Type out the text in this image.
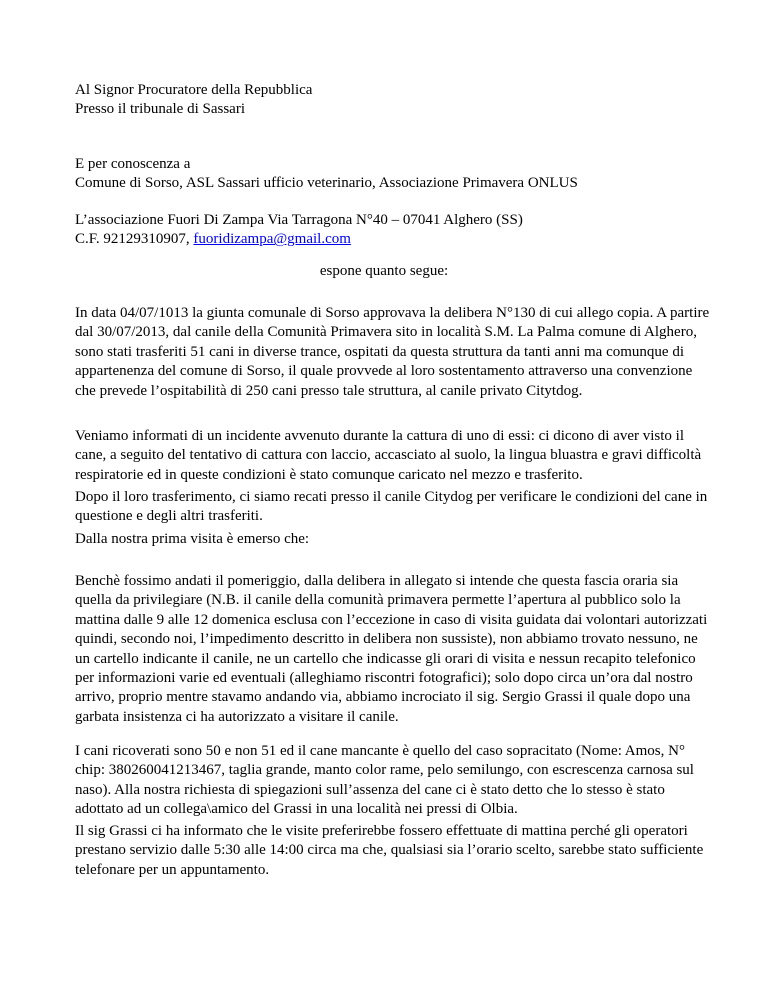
Al Signor Procuratore della Repubblica

Presso il tribunale di Sassari

E per conoscenza a

Comune di Sorso, ASL Sassari ufficio veterinario, Associazione Primavera ONLUS

L’associazione Fuori Di Zampa Via Tarragona N°40 – 07041 Alghero (SS)

C.F. 92129310907, fuoridizampa@gmail.com

espone quanto segue:

In data 04/07/1013 la giunta comunale di Sorso approvava la delibera N°130 di cui allego copia. A partire dal 30/07/2013, dal canile della Comunità Primavera sito in località S.M. La Palma comune di Alghero, sono stati trasferiti 51 cani in diverse trance, ospitati da questa struttura da tanti anni ma comunque di appartenenza del comune di Sorso, il quale provvede al loro sostentamento attraverso una convenzione che prevede l’ospitabilità di 250 cani presso tale struttura, al canile privato Citytdog.

Veniamo informati di un incidente avvenuto durante la cattura di uno di essi: ci dicono di aver visto il cane, a seguito del tentativo di cattura con laccio, accasciato al suolo, la lingua bluastra e gravi difficoltà respiratorie ed in queste condizioni è stato comunque caricato nel mezzo e trasferito.

Dopo il loro trasferimento, ci siamo recati presso il canile Citydog per verificare le condizioni del cane in questione e degli altri trasferiti.

Dalla nostra prima visita è emerso che:

Benchè fossimo andati il pomeriggio, dalla delibera in allegato si intende che questa fascia oraria sia quella da privilegiare (N.B. il canile della comunità primavera permette l’apertura al pubblico solo la mattina dalle 9 alle 12 domenica esclusa con l’eccezione in caso di visita guidata dai volontari autorizzati quindi, secondo noi, l’impedimento descritto in delibera non sussiste), non abbiamo trovato nessuno, ne un cartello indicante il canile, ne un cartello che indicasse gli orari di visita e nessun recapito telefonico per informazioni varie ed eventuali (alleghiamo riscontri fotografici); solo dopo circa un’ora dal nostro arrivo, proprio mentre stavamo andando via, abbiamo incrociato il sig. Sergio Grassi il quale dopo una garbata insistenza ci ha autorizzato a visitare il canile.

I cani ricoverati sono 50 e non 51 ed il cane mancante è quello del caso sopracitato (Nome: Amos, N° chip: 380260041213467, taglia grande, manto color rame, pelo semilungo, con escrescenza carnosa sul naso). Alla nostra richiesta di spiegazioni sull’assenza del cane ci è stato detto che lo stesso è stato adottato ad un collega\amico del Grassi in una località nei pressi di Olbia.

Il sig Grassi ci ha informato che le visite preferirebbe fossero effettuate di mattina perché gli operatori prestano servizio dalle 5:30 alle 14:00 circa ma che, qualsiasi sia l’orario scelto, sarebbe stato sufficiente telefonare per un appuntamento.
